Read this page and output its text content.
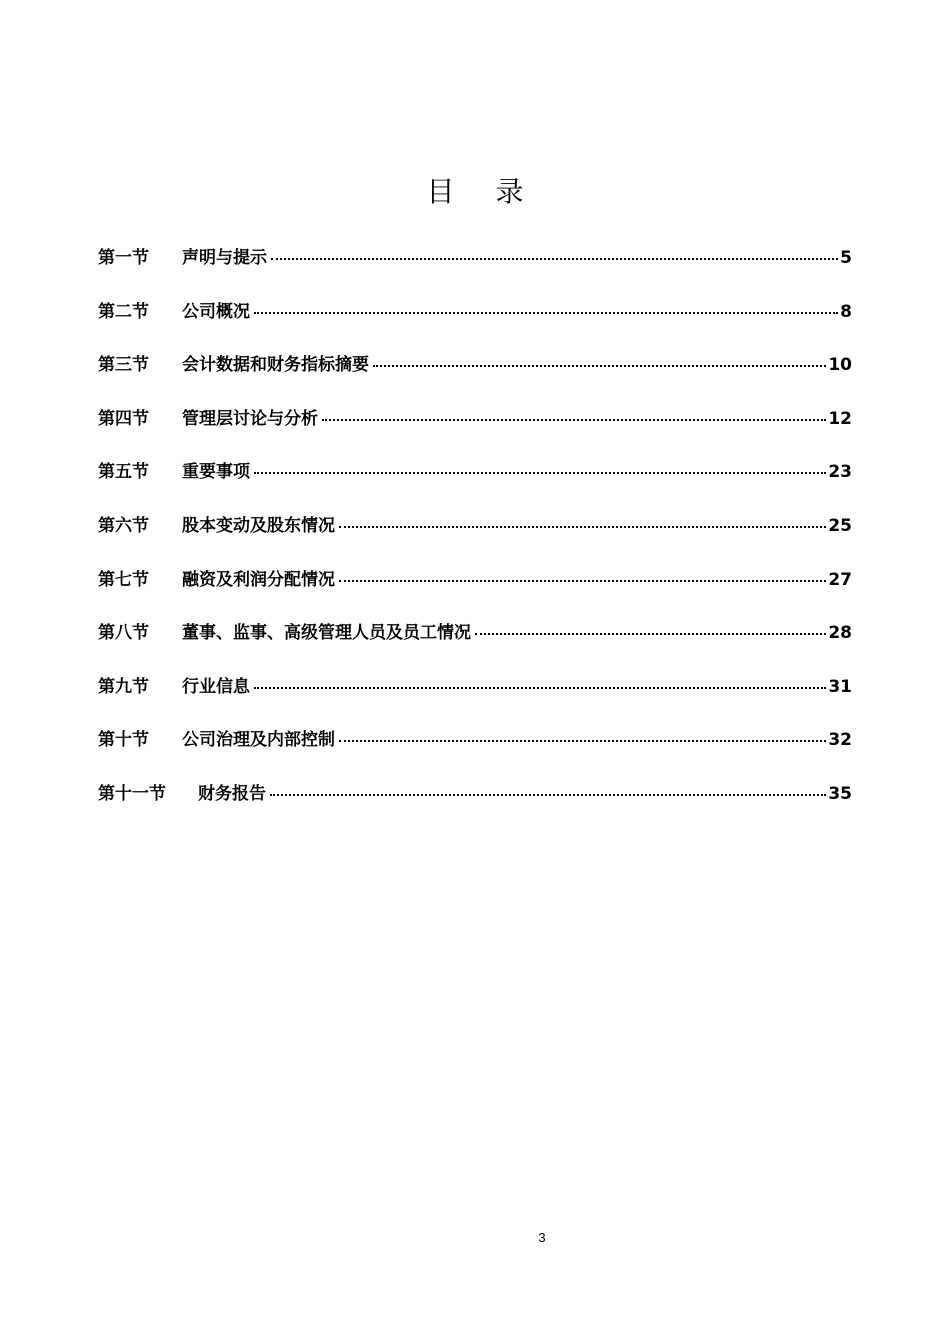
目 录
第一节	声明与提示	5
第二节	公司概况	8
第三节	会计数据和财务指标摘要	10
第四节	管理层讨论与分析	12
第五节	重要事项	23
第六节	股本变动及股东情况	25
第七节	融资及利润分配情况	27
第八节	董事、监事、高级管理人员及员工情况	28
第九节	行业信息	31
第十节	公司治理及内部控制	32
第十一节	财务报告	35
3
